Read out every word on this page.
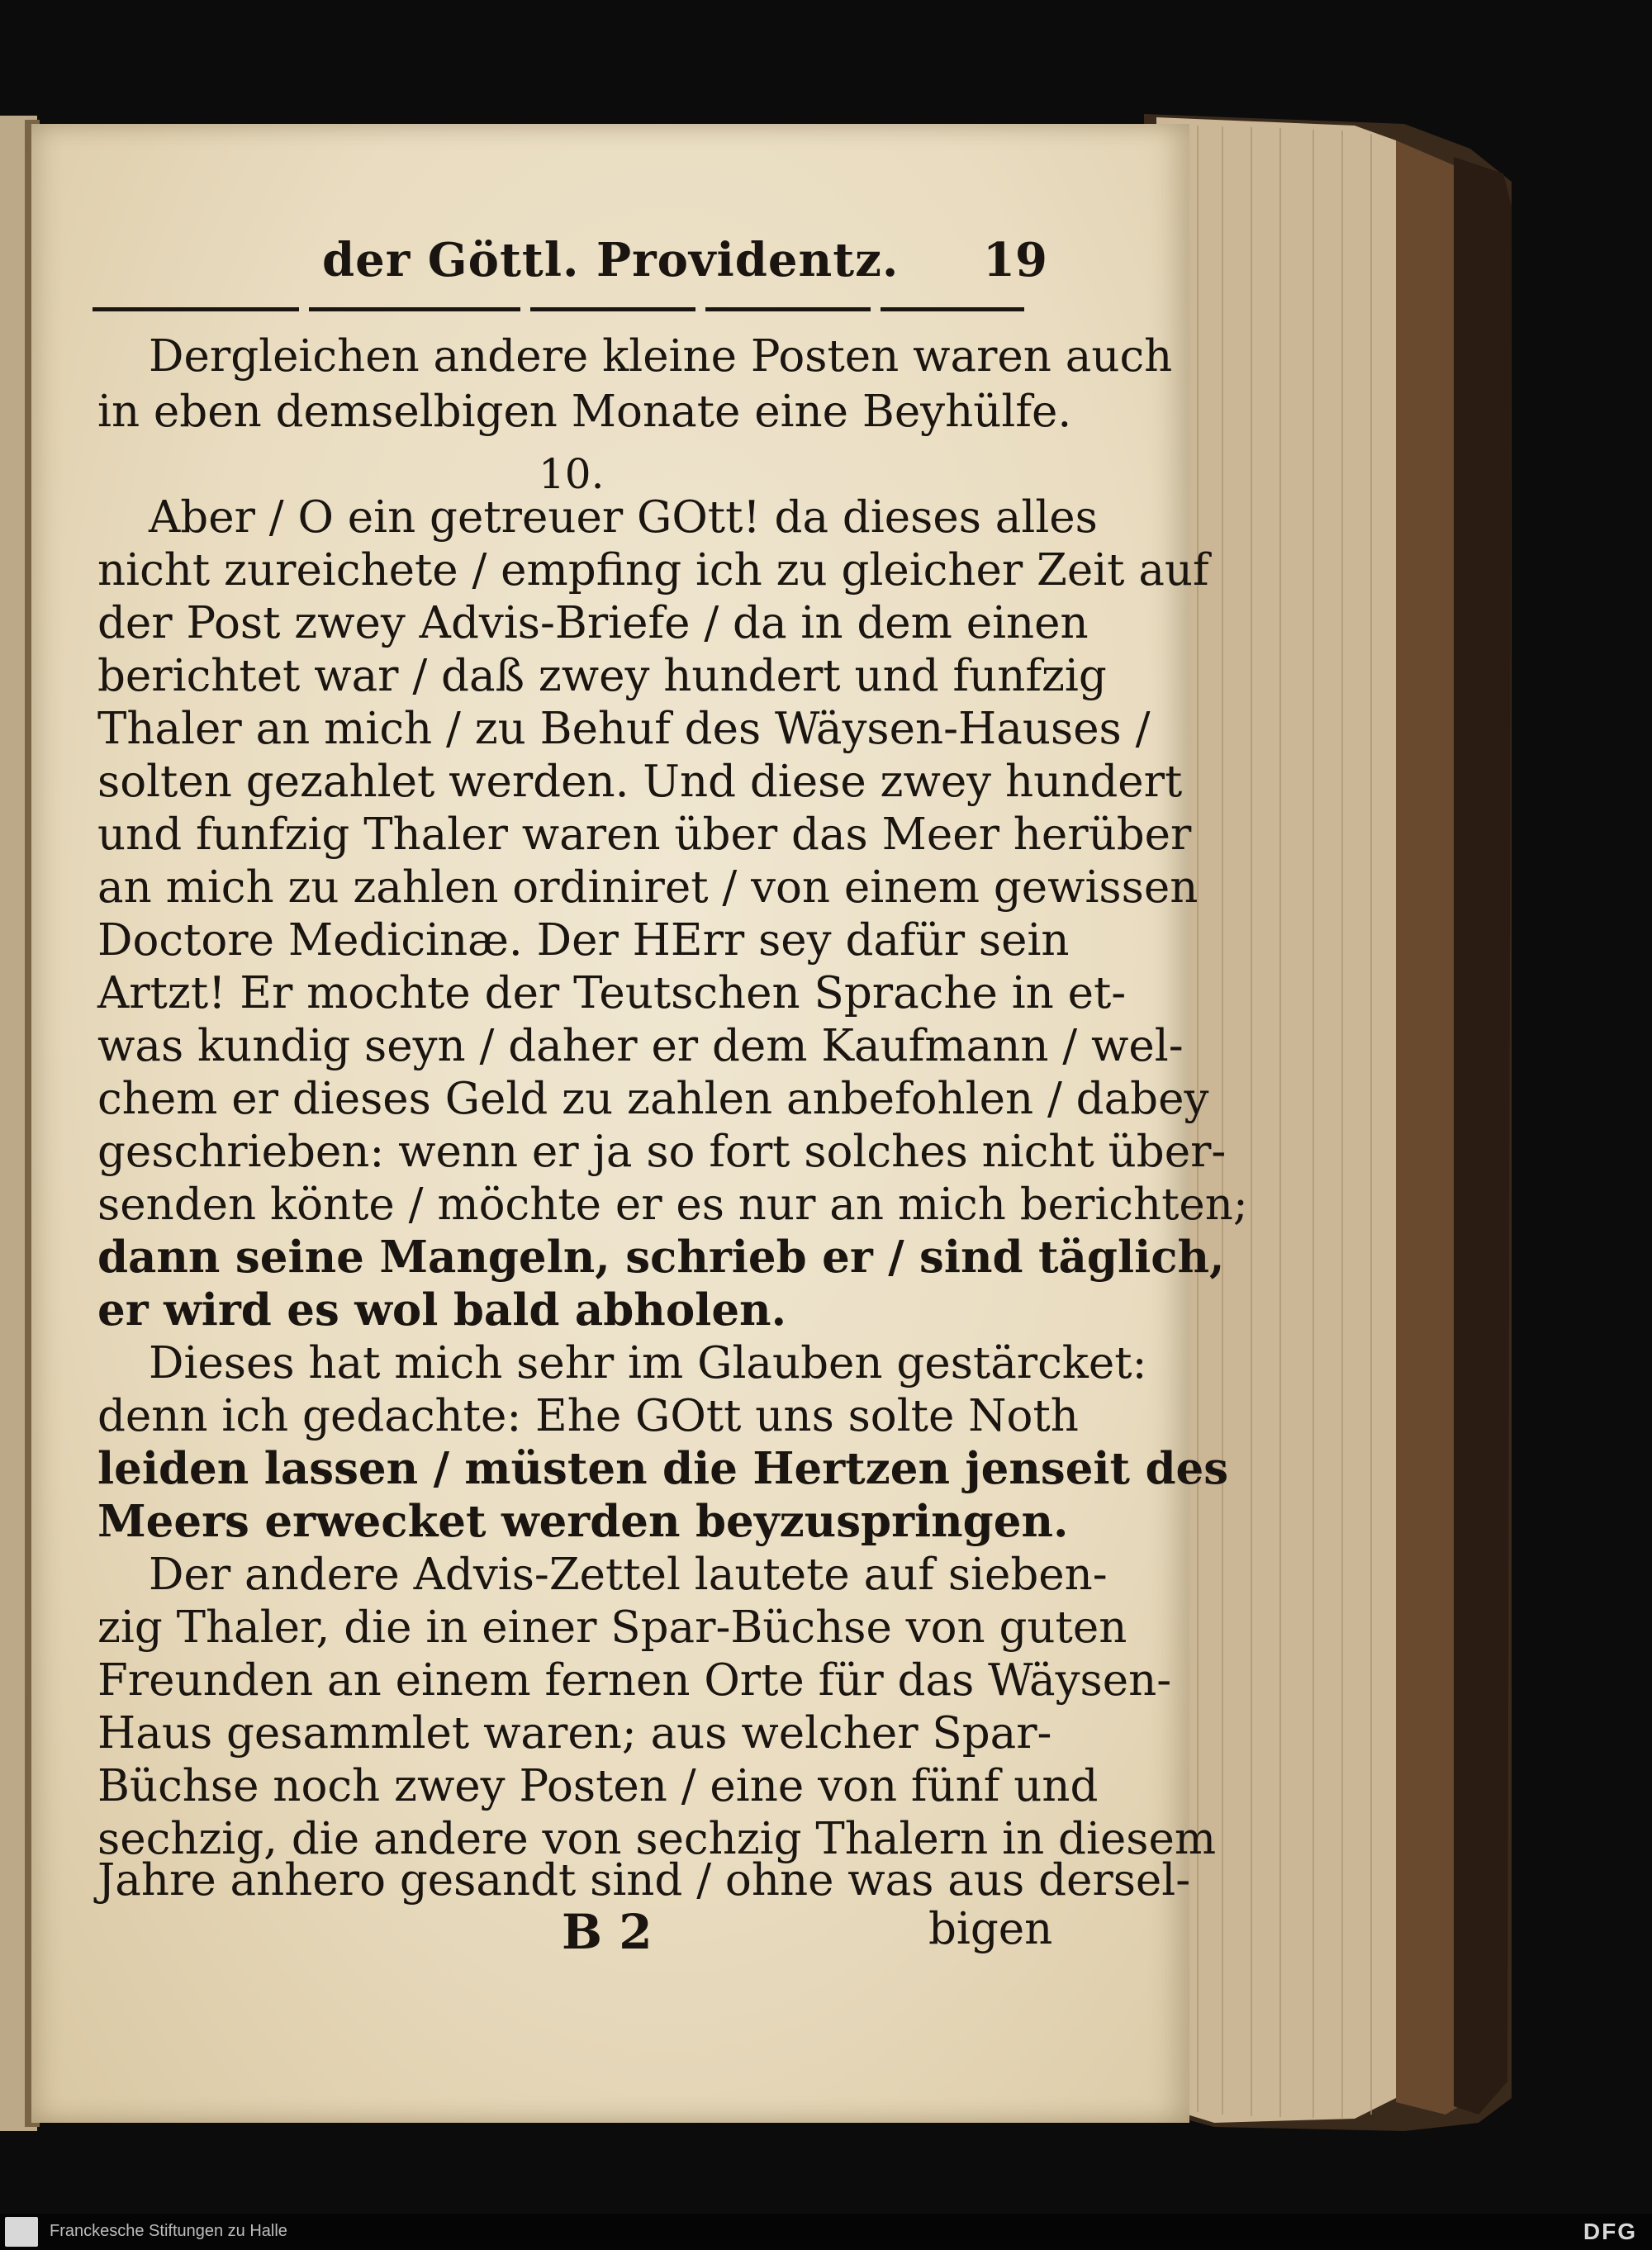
der Göttl. Providentz. 19
Dergleichen andere kleine Posten waren auch
in eben demselbigen Monate eine Beyhülfe.
10.
Aber / O ein getreuer GOtt! da dieses alles
nicht zureichete / empfing ich zu gleicher Zeit auf
der Post zwey Advis-Briefe / da in dem einen
berichtet war / daß zwey hundert und funfzig
Thaler an mich / zu Behuf des Wäysen-Hauses /
solten gezahlet werden. Und diese zwey hundert
und funfzig Thaler waren über das Meer herüber
an mich zu zahlen ordiniret / von einem gewissen
Doctore Medicinæ. Der HErr sey dafür sein
Artzt! Er mochte der Teutschen Sprache in et-
was kundig seyn / daher er dem Kaufmann / wel-
chem er dieses Geld zu zahlen anbefohlen / dabey
geschrieben: wenn er ja so fort solches nicht über-
senden könte / möchte er es nur an mich berichten;
dann seine Mangeln, schrieb er / sind täglich,
er wird es wol bald abholen.
Dieses hat mich sehr im Glauben gestärcket:
denn ich gedachte: Ehe GOtt uns solte Noth
leiden lassen / müsten die Hertzen jenseit des
Meers erwecket werden beyzuspringen.
Der andere Advis-Zettel lautete auf sieben-
zig Thaler, die in einer Spar-Büchse von guten
Freunden an einem fernen Orte für das Wäysen-
Haus gesammlet waren; aus welcher Spar-
Büchse noch zwey Posten / eine von fünf und
sechzig, die andere von sechzig Thalern in diesem
Jahre anhero gesandt sind / ohne was aus dersel-
B 2	bigen
Franckesche Stiftungen zu Halle	DFG
